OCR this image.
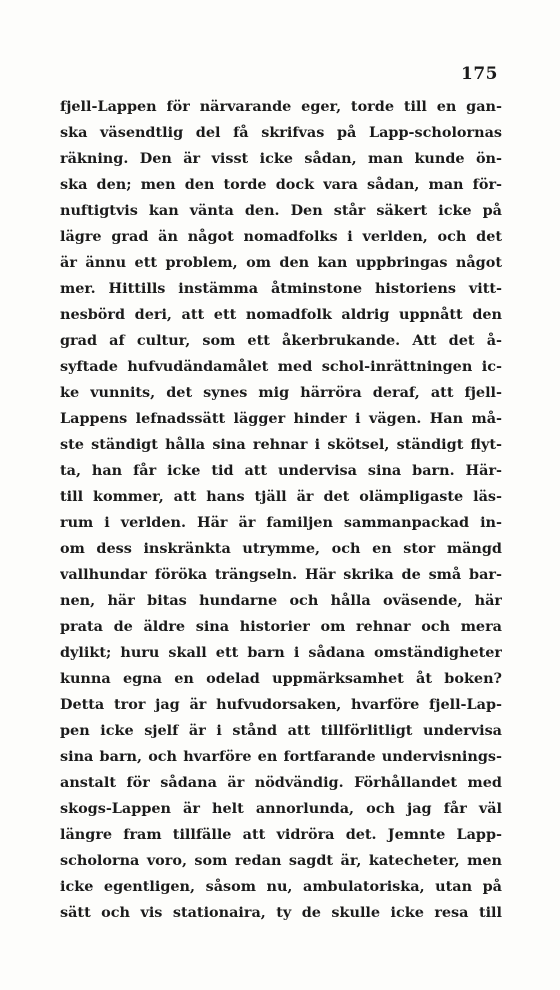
175
fjell-Lappen för närvarande eger, torde till en gan-
ska väsendtlig del få skrifvas på Lapp-scholornas
räkning. Den är visst icke sådan, man kunde ön-
ska den; men den torde dock vara sådan, man för-
nuftigtvis kan vänta den. Den står säkert icke på
lägre grad än något nomadfolks i verlden, och det
är ännu ett problem, om den kan uppbringas något
mer. Hittills instämma åtminstone historiens vitt-
nesbörd deri, att ett nomadfolk aldrig uppnått den
grad af cultur, som ett åkerbrukande. Att det å-
syftade hufvudändamålet med schol-inrättningen ic-
ke vunnits, det synes mig härröra deraf, att fjell-
Lappens lefnadssätt lägger hinder i vägen. Han må-
ste ständigt hålla sina rehnar i skötsel, ständigt flyt-
ta, han får icke tid att undervisa sina barn. Här-
till kommer, att hans tjäll är det olämpligaste läs-
rum i verlden. Här är familjen sammanpackad in-
om dess inskränkta utrymme, och en stor mängd
vallhundar föröka trängseln. Här skrika de små bar-
nen, här bitas hundarne och hålla oväsende, här
prata de äldre sina historier om rehnar och mera
dylikt; huru skall ett barn i sådana omständigheter
kunna egna en odelad uppmärksamhet åt boken?
Detta tror jag är hufvudorsaken, hvarföre fjell-Lap-
pen icke sjelf är i stånd att tillförlitligt undervisa
sina barn, och hvarföre en fortfarande undervisnings-
anstalt för sådana är nödvändig. Förhållandet med
skogs-Lappen är helt annorlunda, och jag får väl
längre fram tillfälle att vidröra det. Jemnte Lapp-
scholorna voro, som redan sagdt är, katecheter, men
icke egentligen, såsom nu, ambulatoriska, utan på
sätt och vis stationaira, ty de skulle icke resa till
